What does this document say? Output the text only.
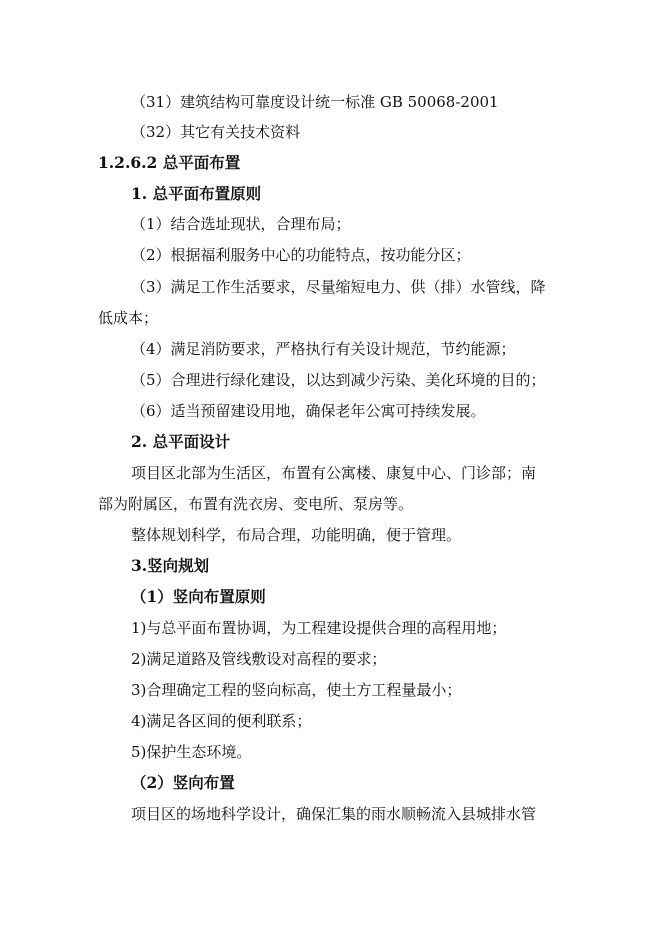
（31）建筑结构可靠度设计统一标准 GB 50068-2001
（32）其它有关技术资料
1.2.6.2 总平面布置
1. 总平面布置原则
（1）结合选址现状，合理布局；
（2）根据福利服务中心的功能特点，按功能分区；
（3）满足工作生活要求，尽量缩短电力、供（排）水管线，降
低成本；
（4）满足消防要求，严格执行有关设计规范，节约能源；
（5）合理进行绿化建设，以达到减少污染、美化环境的目的；
（6）适当预留建设用地，确保老年公寓可持续发展。
2. 总平面设计
项目区北部为生活区，布置有公寓楼、康复中心、门诊部；南
部为附属区，布置有洗衣房、变电所、泵房等。
整体规划科学，布局合理，功能明确，便于管理。
3.竖向规划
（1）竖向布置原则
1)与总平面布置协调，为工程建设提供合理的高程用地；
2)满足道路及管线敷设对高程的要求；
3)合理确定工程的竖向标高，使土方工程量最小；
4)满足各区间的便利联系；
5)保护生态环境。
（2）竖向布置
项目区的场地科学设计，确保汇集的雨水顺畅流入县城排水管
